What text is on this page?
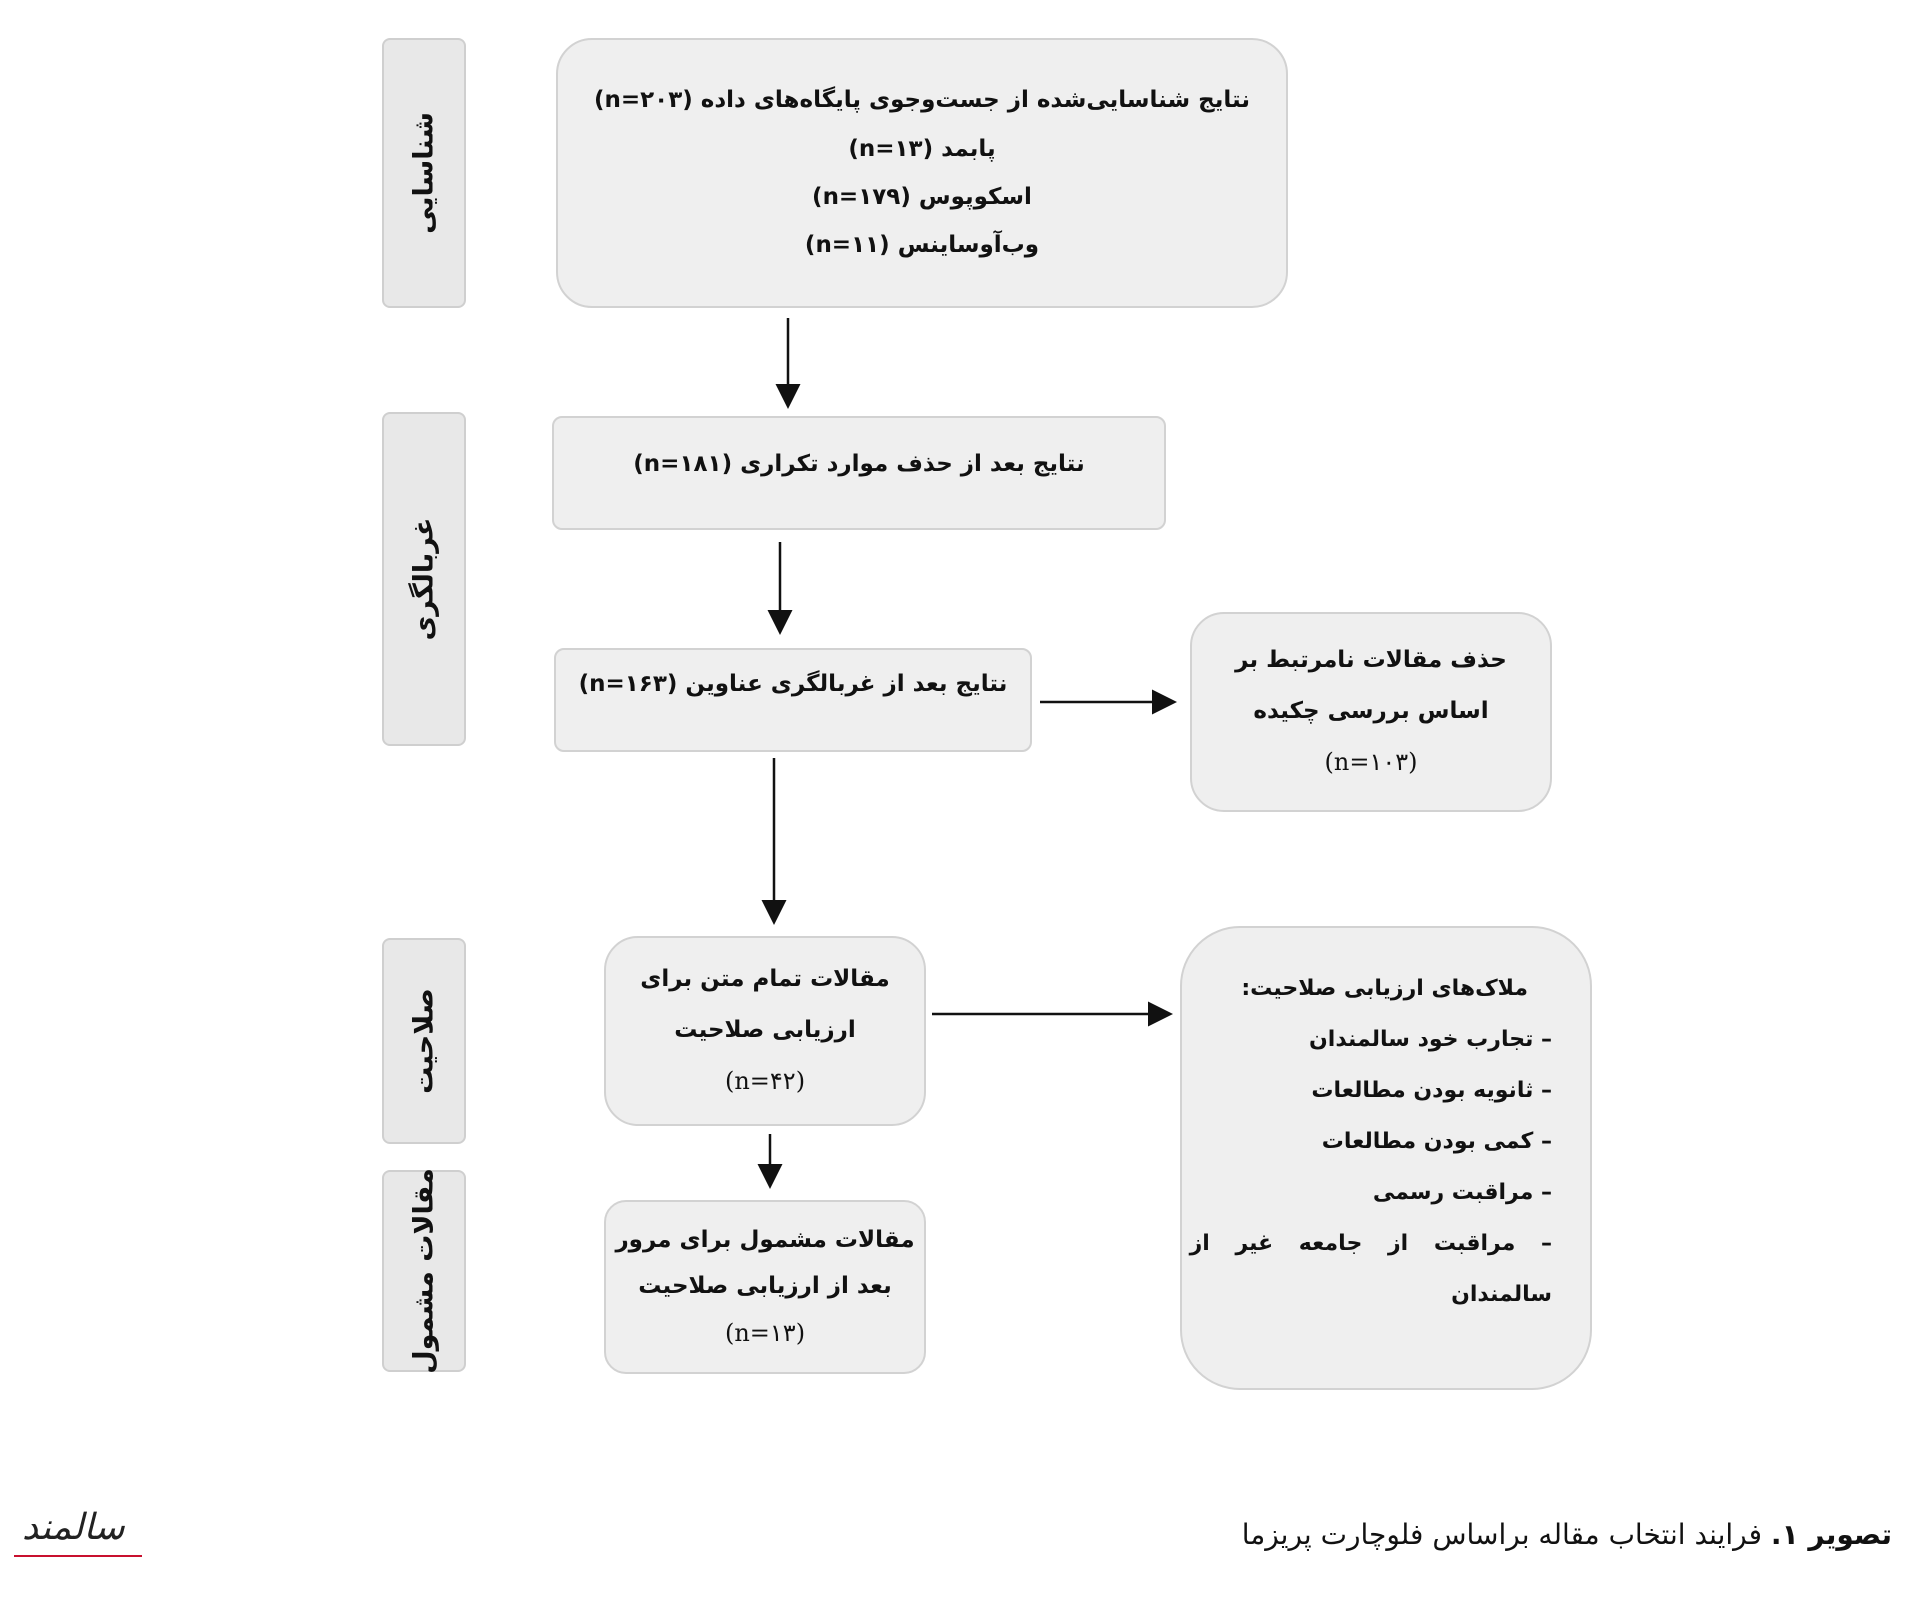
شناسایی
غربالگری
صلاحیت
مقالات مشمول
نتایج شناسایی‌شده از جست‌وجوی پایگاه‌های داده (n=۲۰۳)
پابمد (n=۱۳)
اسکوپوس (n=۱۷۹)
وب‌آوساینس (n=۱۱)
نتایج بعد از حذف موارد تکراری (n=۱۸۱)
نتایج بعد از غربالگری عناوین (n=۱۶۳)
حذف مقالات نامرتبط بر
اساس بررسی چکیده
(n=۱۰۳)
مقالات تمام متن برای
ارزیابی صلاحیت
(n=۴۲)
مقالات مشمول برای مرور
بعد از ارزیابی صلاحیت
(n=۱۳)
ملاک‌های ارزیابی صلاحیت:
– تجارب خود سالمندان
– ثانویه بودن مطالعات
– کمی بودن مطالعات
– مراقبت رسمی
– مراقبت از جامعه غیر از
سالمندان
تصویر ۱. فرایند انتخاب مقاله براساس فلوچارت پریزما
سالمند
